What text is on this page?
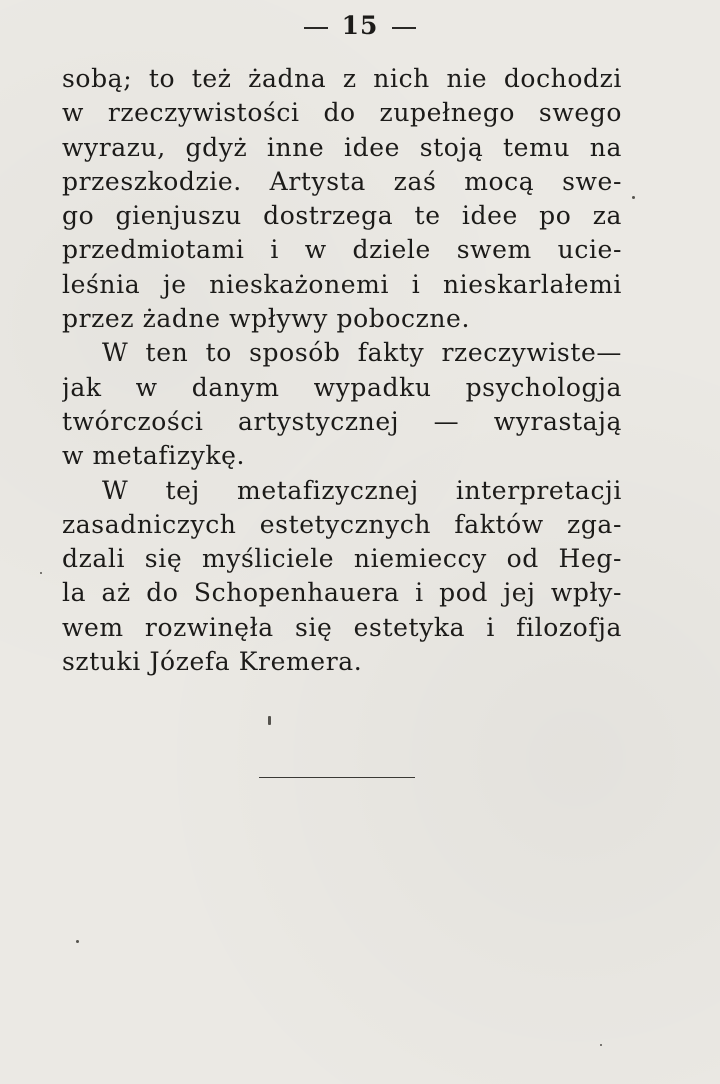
15
sobą; to też żadna z nich nie dochodzi
w rzeczywistości do zupełnego swego
wyrazu, gdyż inne idee stoją temu na
przeszkodzie. Artysta zaś mocą swe-
go gienjuszu dostrzega te idee po za
przedmiotami i w dziele swem ucie-
leśnia je nieskażonemi i nieskarlałemi
przez żadne wpływy poboczne.
W ten to sposób fakty rzeczywiste—
jak w danym wypadku psychologja
twórczości artystycznej — wyrastają
w metafizykę.
W tej metafizycznej interpretacji
zasadniczych estetycznych faktów zga-
dzali się myśliciele niemieccy od Heg-
la aż do Schopenhauera i pod jej wpły-
wem rozwinęła się estetyka i filozofja
sztuki Józefa Kremera.
